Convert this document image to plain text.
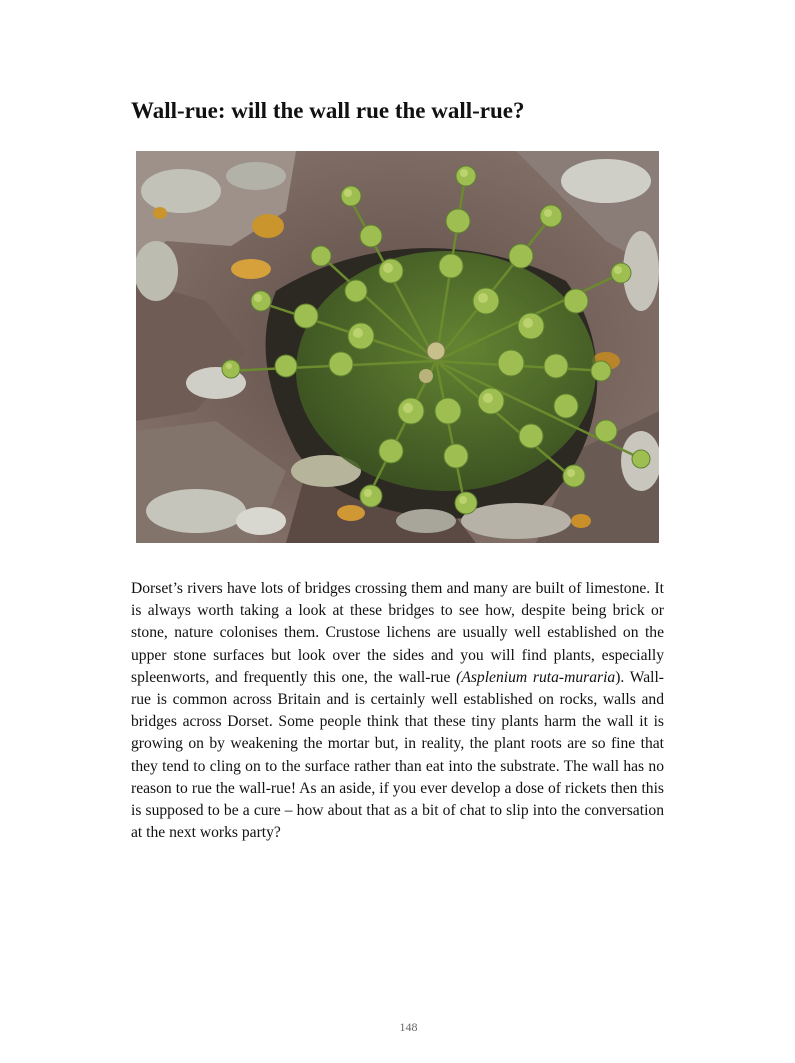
Wall-rue: will the wall rue the wall-rue?

Dorset’s rivers have lots of bridges crossing them and many are built of limestone. It is always worth taking a look at these bridges to see how, despite being brick or stone, nature colonises them. Crustose lichens are usually well established on the upper stone surfaces but look over the sides and you will find plants, especially spleenworts, and frequently this one, the wall-rue (Asplenium ruta-muraria). Wall-rue is common across Britain and is certainly well established on rocks, walls and bridges across Dorset. Some people think that these tiny plants harm the wall it is growing on by weakening the mortar but, in reality, the plant roots are so fine that they tend to cling on to the surface rather than eat into the substrate. The wall has no reason to rue the wall-rue! As an aside, if you ever develop a dose of rickets then this is supposed to be a cure – how about that as a bit of chat to slip into the conversation at the next works party?

148
